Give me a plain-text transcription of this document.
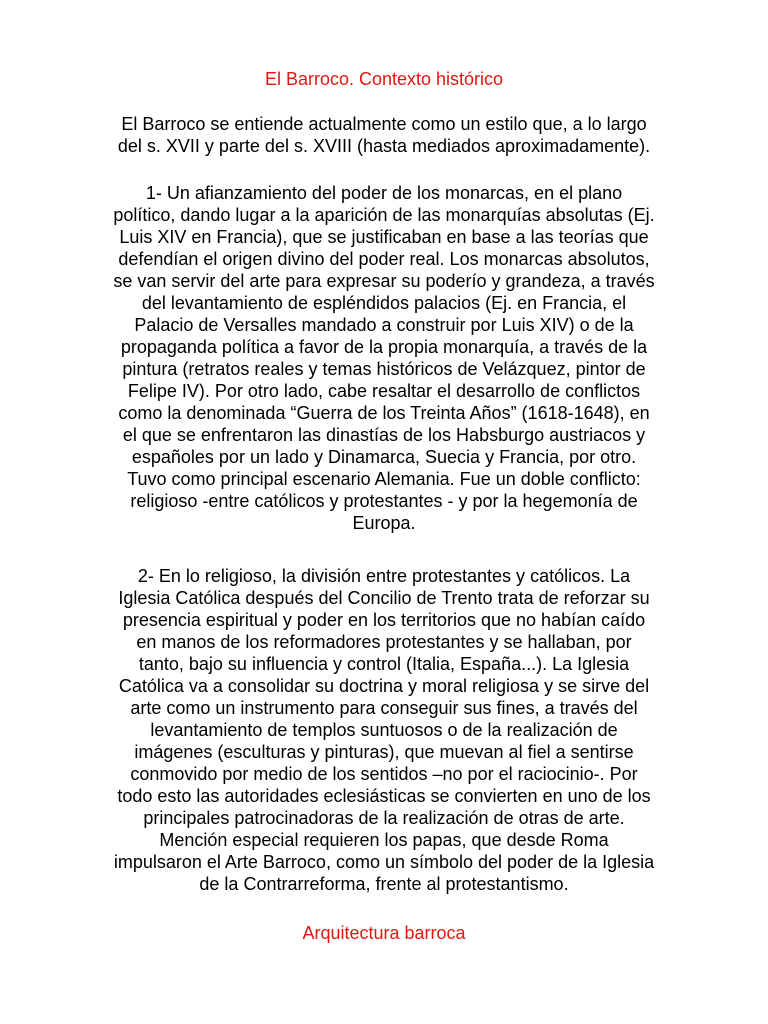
El Barroco. Contexto histórico
El Barroco se entiende actualmente como un estilo que, a lo largo
del s. XVII y parte del s. XVIII (hasta mediados aproximadamente).
1- Un afianzamiento del poder de los monarcas, en el plano
político, dando lugar a la aparición de las monarquías absolutas (Ej.
Luis XIV en Francia), que se justificaban en base a las teorías que
defendían el origen divino del poder real. Los monarcas absolutos,
se van servir del arte para expresar su poderío y grandeza, a través
del levantamiento de espléndidos palacios (Ej. en Francia, el
Palacio de Versalles mandado a construir por Luis XIV) o de la
propaganda política a favor de la propia monarquía, a través de la
pintura (retratos reales y temas históricos de Velázquez, pintor de
Felipe IV). Por otro lado, cabe resaltar el desarrollo de conflictos
como la denominada “Guerra de los Treinta Años” (1618-1648), en
el que se enfrentaron las dinastías de los Habsburgo austriacos y
españoles por un lado y Dinamarca, Suecia y Francia, por otro.
Tuvo como principal escenario Alemania. Fue un doble conflicto:
religioso -entre católicos y protestantes - y por la hegemonía de
Europa.
2- En lo religioso, la división entre protestantes y católicos. La
Iglesia Católica después del Concilio de Trento trata de reforzar su
presencia espiritual y poder en los territorios que no habían caído
en manos de los reformadores protestantes y se hallaban, por
tanto, bajo su influencia y control (Italia, España...). La Iglesia
Católica va a consolidar su doctrina y moral religiosa y se sirve del
arte como un instrumento para conseguir sus fines, a través del
levantamiento de templos suntuosos o de la realización de
imágenes (esculturas y pinturas), que muevan al fiel a sentirse
conmovido por medio de los sentidos –no por el raciocinio-. Por
todo esto las autoridades eclesiásticas se convierten en uno de los
principales patrocinadoras de la realización de otras de arte.
Mención especial requieren los papas, que desde Roma
impulsaron el Arte Barroco, como un símbolo del poder de la Iglesia
de la Contrarreforma, frente al protestantismo.
Arquitectura barroca
